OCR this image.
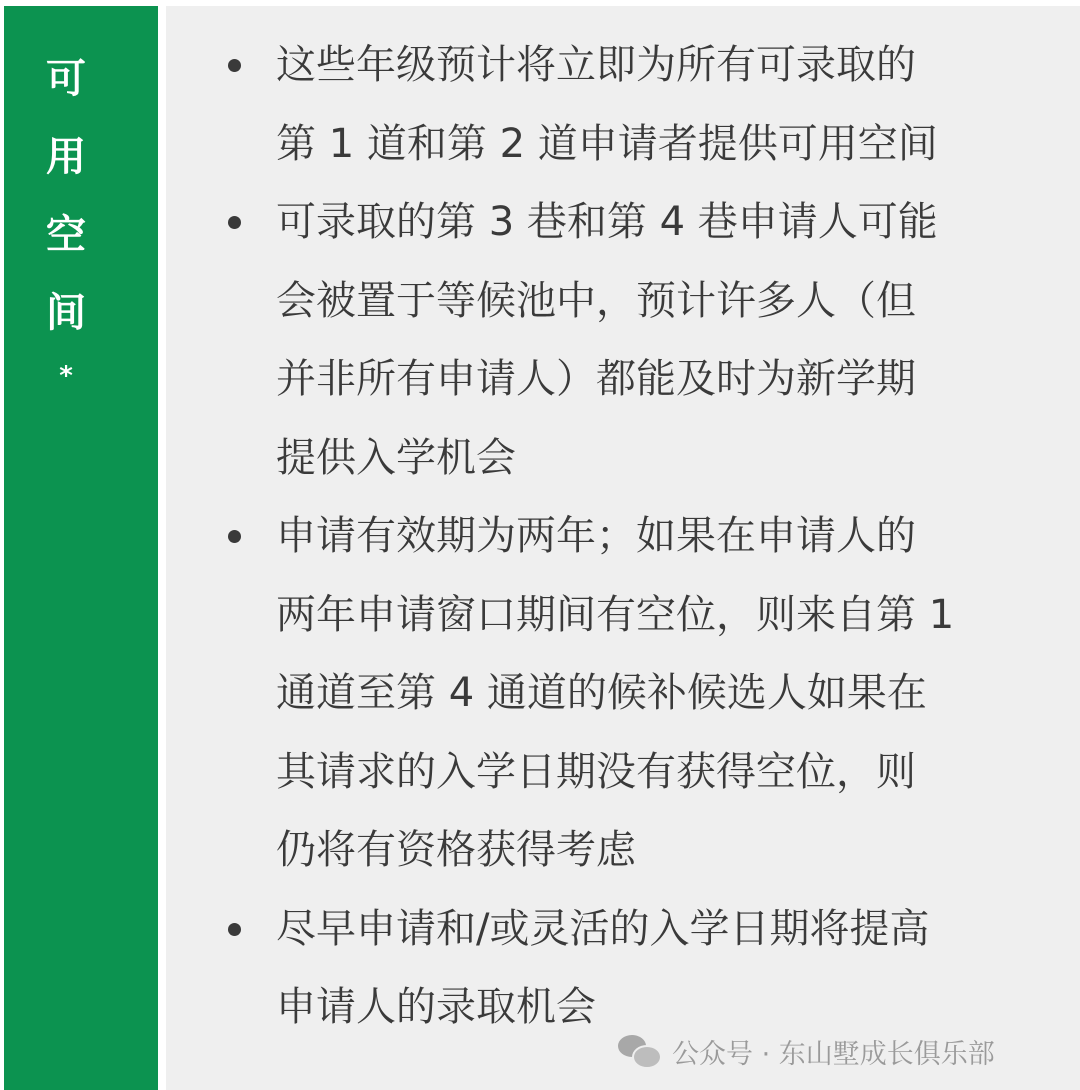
可
用
空
间
*
这些年级预计将立即为所有可录取的
第 1 道和第 2 道申请者提供可用空间
可录取的第 3 巷和第 4 巷申请人可能
会被置于等候池中，预计许多人（但
并非所有申请人）都能及时为新学期
提供入学机会
申请有效期为两年；如果在申请人的
两年申请窗口期间有空位，则来自第 1
通道至第 4 通道的候补候选人如果在
其请求的入学日期没有获得空位，则
仍将有资格获得考虑
尽早申请和/或灵活的入学日期将提高
申请人的录取机会
公众号 · 东山墅成长俱乐部
